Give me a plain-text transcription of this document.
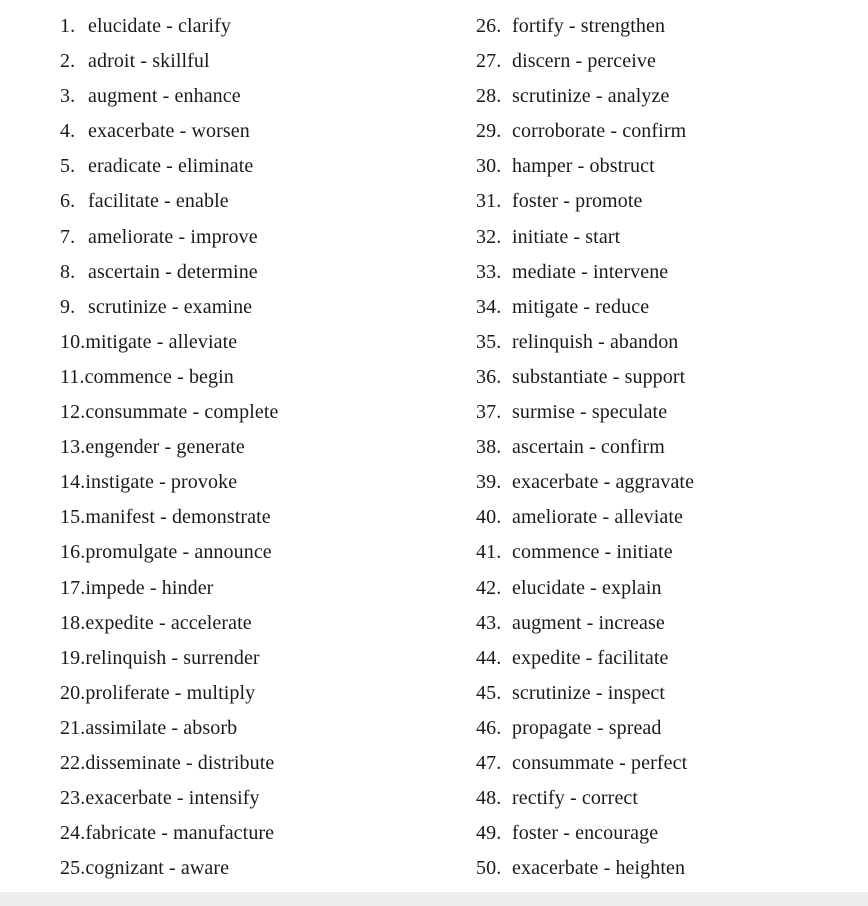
1.elucidate - clarify
2.adroit - skillful
3.augment - enhance
4.exacerbate - worsen
5.eradicate - eliminate
6.facilitate - enable
7.ameliorate - improve
8.ascertain - determine
9.scrutinize - examine
10.mitigate - alleviate
11.commence - begin
12.consummate - complete
13.engender - generate
14.instigate - provoke
15.manifest - demonstrate
16.promulgate - announce
17.impede - hinder
18.expedite - accelerate
19.relinquish - surrender
20.proliferate - multiply
21.assimilate - absorb
22.disseminate - distribute
23.exacerbate - intensify
24.fabricate - manufacture
25.cognizant - aware
26.fortify - strengthen
27.discern - perceive
28.scrutinize - analyze
29.corroborate - confirm
30.hamper - obstruct
31.foster - promote
32.initiate - start
33.mediate - intervene
34.mitigate - reduce
35.relinquish - abandon
36.substantiate - support
37.surmise - speculate
38.ascertain - confirm
39.exacerbate - aggravate
40.ameliorate - alleviate
41.commence - initiate
42.elucidate - explain
43.augment - increase
44.expedite - facilitate
45.scrutinize - inspect
46.propagate - spread
47.consummate - perfect
48.rectify - correct
49.foster - encourage
50.exacerbate - heighten
